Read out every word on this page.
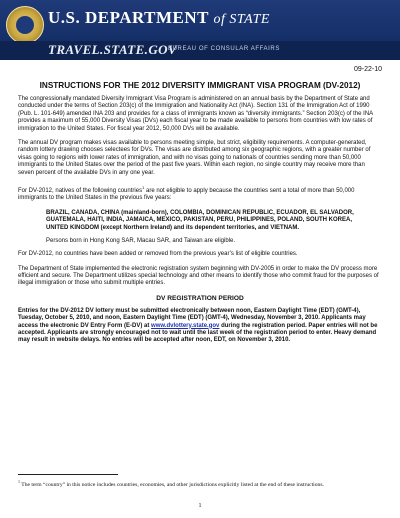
U.S. DEPARTMENT of STATE
TRAVEL.STATE.GOV
BUREAU OF CONSULAR AFFAIRS
09-22-10
INSTRUCTIONS FOR THE 2012 DIVERSITY IMMIGRANT VISA PROGRAM (DV-2012)

The congressionally mandated Diversity Immigrant Visa Program is administered on an annual basis by the Department of State and conducted under the terms of Section 203(c) of the Immigration and Nationality Act (INA). Section 131 of the Immigration Act of 1990 (Pub. L. 101-649) amended INA 203 and provides for a class of immigrants known as “diversity immigrants.” Section 203(c) of the INA provides a maximum of 55,000 Diversity Visas (DVs) each fiscal year to be made available to persons from countries with low rates of immigration to the United States. For fiscal year 2012, 50,000 DVs will be available.

The annual DV program makes visas available to persons meeting simple, but strict, eligibility requirements. A computer-generated, random lottery drawing chooses selectees for DVs. The visas are distributed among six geographic regions, with a greater number of visas going to regions with lower rates of immigration, and with no visas going to nationals of countries sending more than 50,000 immigrants to the United States over the period of the past five years. Within each region, no single country may receive more than seven percent of the available DVs in any one year.

For DV-2012, natives of the following countries$^1$ are not eligible to apply because the countries sent a total of more than 50,000 immigrants to the United States in the previous five years:

BRAZIL, CANADA, CHINA (mainland-born), COLOMBIA, DOMINICAN REPUBLIC, ECUADOR, EL SALVADOR, GUATEMALA, HAITI, INDIA, JAMAICA, MEXICO, PAKISTAN, PERU, PHILIPPINES, POLAND, SOUTH KOREA, UNITED KINGDOM (except Northern Ireland) and its dependent territories, and VIETNAM.
Persons born in Hong Kong SAR, Macau SAR, and Taiwan are eligible.

For DV-2012, no countries have been added or removed from the previous year’s list of eligible countries.

The Department of State implemented the electronic registration system beginning with DV-2005 in order to make the DV process more efficient and secure. The Department utilizes special technology and other means to identify those who commit fraud for the purposes of illegal immigration or those who submit multiple entries.

DV REGISTRATION PERIOD

Entries for the DV-2012 DV lottery must be submitted electronically between noon, Eastern Daylight Time (EDT) (GMT-4), Tuesday, October 5, 2010, and noon, Eastern Daylight Time (EDT) (GMT-4), Wednesday, November 3, 2010. Applicants may access the electronic DV Entry Form (E-DV) at www.dvlottery.state.gov during the registration period. Paper entries will not be accepted. Applicants are strongly encouraged not to wait until the last week of the registration period to enter. Heavy demand may result in website delays. No entries will be accepted after noon, EDT, on November 3, 2010.

$^1$ The term “country” in this notice includes countries, economies, and other jurisdictions explicitly listed at the end of these instructions.
1
